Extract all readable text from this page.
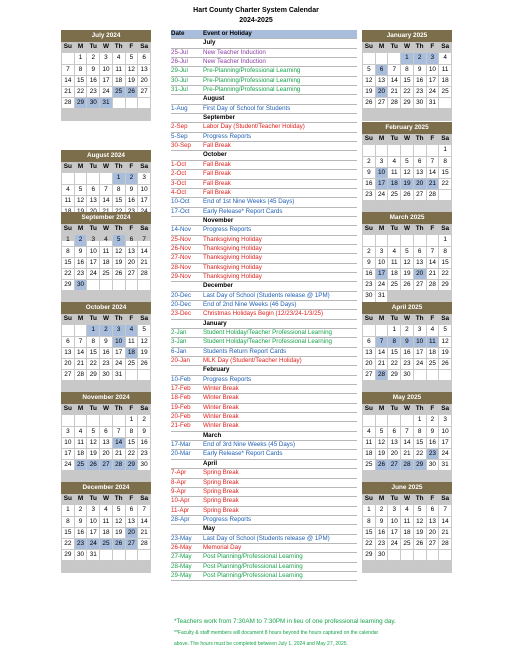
Hart County Charter System Calendar
2024-2025
July 2024						
Su	M	Tu	W	Th	F	Sa
	1	2	3	4	5	6
7	8	9	10	11	12	13
14	15	16	17	18	19	20
21	22	23	24	25	26	27
28	29	30	31			

August 2024						
Su	M	Tu	W	Th	F	Sa
				1	2	3
4	5	6	7	8	9	10
11	12	13	14	15	16	17

September 2024						
Su	M	Tu	W	Th	F	Sa
1	2	3	4	5	6	7
8	9	10	11	12	13	14
15	16	17	18	19	20	21
22	23	24	25	26	27	28
29	30					

October 2024						
Su	M	Tu	W	Th	F	Sa
		1	2	3	4	5
6	7	8	9	10	11	12
13	14	15	16	17	18	19
20	21	22	23	24	25	26
27	28	29	30	31		

November 2024						
Su	M	Tu	W	Th	F	Sa
					1	2
3	4	5	6	7	8	9
10	11	12	13	14	15	16
17	18	19	20	21	22	23
24	25	26	27	28	29	30

December 2024						
Su	M	Tu	W	Th	F	Sa
1	2	3	4	5	6	7
8	9	10	11	12	13	14
15	16	17	18	19	20	21
22	23	24	25	26	27	28
29	30	31				

January 2025						
Su	M	Tu	W	Th	F	Sa
			1	2	3	4
5	6	7	8	9	10	11
12	13	14	15	16	17	18
19	20	21	22	23	24	25
26	27	28	29	30	31	

February 2025						
Su	M	Tu	W	Th	F	Sa
						1
2	3	4	5	6	7	8
9	10	11	12	13	14	15
16	17	18	19	20	21	22
23	24	25	26	27	28	

March 2025						
Su	M	Tu	W	Th	F	Sa
						1
2	3	4	5	6	7	8
9	10	11	12	13	14	15
16	17	18	19	20	21	22
23	24	25	26	27	28	29
30	31					
April 2025						
Su	M	Tu	W	Th	F	Sa
		1	2	3	4	5
6	7	8	9	10	11	12
13	14	15	16	17	18	19
20	21	22	23	24	25	26
27	28	29	30			

May 2025						
Su	M	Tu	W	Th	F	Sa
				1	2	3
4	5	6	7	8	9	10
11	12	13	14	15	16	17
18	19	20	21	22	23	24
25	26	27	28	29	30	31

June 2025						
Su	M	Tu	W	Th	F	Sa
1	2	3	4	5	6	7
8	9	10	11	12	13	14
15	16	17	18	19	20	21
22	23	24	25	26	27	28
29	30					

Date	Event or Holiday
	July
25-Jul	New Teacher Induction
26-Jul	New Teacher Induction
29-Jul	Pre-Planning/Professional Learning
30-Jul	Pre-Planning/Professional Learning
31-Jul	Pre-Planning/Professional Learning
	August
1-Aug	First Day of School for Students
	September
2-Sep	Labor Day (Student/Teacher Holiday)
5-Sep	Progress Reports
30-Sep	Fall Break
	October
1-Oct	Fall Break
2-Oct	Fall Break
3-Oct	Fall Break
4-Oct	Fall Break
10-Oct	End of 1st Nine Weeks (45 Days)
17-Oct	Early Release* Report Cards
	November
14-Nov	Progress Reports
25-Nov	Thanksgiving Holiday
26-Nov	Thanksgiving Holiday
27-Nov	Thanksgiving Holiday
28-Nov	Thanksgiving Holiday
29-Nov	Thanksgiving Holiday
	December
20-Dec	Last Day of School (Students release @ 1PM)
20-Dec	End of 2nd Nine Weeks (46 Days)
23-Dec	Christmas Holidays Begin (12/23/24-1/3/25)
	January
2-Jan	Student Holiday/Teacher Professional Learning
3-Jan	Student Holiday/Teacher Professional Learning
6-Jan	Students Return Report Cards
20-Jan	MLK Day (Student/Teacher Holiday)
	February
10-Feb	Progress Reports
17-Feb	Winter Break
18-Feb	Winter Break
19-Feb	Winter Break
20-Feb	Winter Break
21-Feb	Winter Break
	March
17-Mar	End of 3rd Nine Weeks (45 Days)
20-Mar	Early Release* Report Cards
	April
7-Apr	Spring Break
8-Apr	Spring Break
9-Apr	Spring Break
10-Apr	Spring Break
11-Apr	Spring Break
28-Apr	Progress Reports
	May
23-May	Last Day of School (Students release @ 1PM)
26-May	Memorial Day
27-May	Post Planning/Professional Learning
28-May	Post Planning/Professional Learning
29-May	Post Planning/Professional Learning
*Teachers work from 7:30AM to 7:30PM in lieu of one professional learning day.
**Faculty & staff members will document 8 hours beyond the hours captured on the calendar
above. The hours must be completed between July 1, 2024 and May 27, 2025.
